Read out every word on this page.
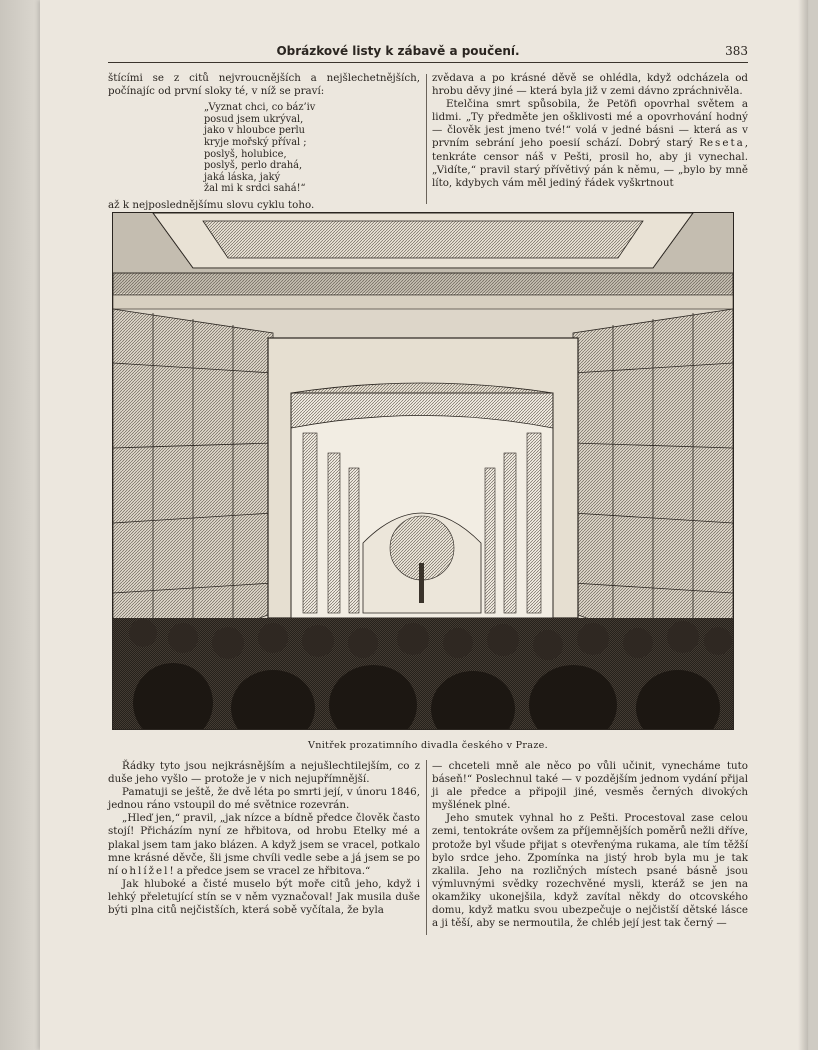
Obrázkové listy k zábavě a poučení.	383

štícími se z citů nejvroucnějších a nejšlechetnějších, počínajíc od první sloky té, v níž se praví:

„Vyznat chci, co báz’iv
posud jsem ukrýval,
jako v hloubce perlu
kryje mořský příval ;
poslyš, holubice,
poslyš, perlo drahá,
jaká láska, jaký
žal mi k srdci sahá!“

až k nejposlednějšímu slovu cyklu toho.

zvědava a po krásné děvě se ohlédla, když odcházela od hrobu děvy jiné — která byla již v zemi dávno zpráchnivěla.

Etelčina smrt spůsobila, že Petöfi opovrhal světem a lidmi. „Ty předměte jen ošklivosti mé a opovrhování hodný — člověk jest jmeno tvé!“ volá v jedné básni — která as v prvním sebrání jeho poesií schází. Dobrý starý Reseta, tenkráte censor náš v Pešti, prosil ho, aby ji vynechal. „Vidíte,“ pravil starý přívětivý pán k němu, — „bylo by mně líto, kdybych vám měl jediný řádek vyškrtnout

Vnitřek prozatimního divadla českého v Praze.

Řádky tyto jsou nejkrásnějším a nejušlechtilejším, co z duše jeho vyšlo — protože je v nich nejupřímnější.

Pamatuji se ještě, že dvě léta po smrti její, v únoru 1846, jednou ráno vstoupil do mé světnice rozevrán.

„Hleď jen,“ pravil, „jak nízce a bídně předce člověk často stojí! Přicházím nyní ze hřbitova, od hrobu Etelky mé a plakal jsem tam jako blázen. A když jsem se vracel, potkalo mne krásné děvče, šli jsme chvíli vedle sebe a já jsem se po ní ohlížel! a předce jsem se vracel ze hřbitova.“

Jak hluboké a čisté muselo být moře citů jeho, když i lehký přeletující stín se v něm vyznačoval! Jak musila duše býti plna citů nejčistších, která sobě vyčítala, že byla

— chceteli mně ale něco po vůli učinit, vynecháme tuto báseň!“ Poslechnul také — v pozdějším jednom vydání přijal ji ale předce a připojil jiné, vesměs černých divokých myšlének plné.

Jeho smutek vyhnal ho z Pešti. Procestoval zase celou zemi, tentokráte ovšem za příjemnějších poměrů nežli dříve, protože byl všude přijat s otevřenýma rukama, ale tím těžší bylo srdce jeho. Zpomínka na jistý hrob byla mu je tak zkalila. Jeho na rozličných místech psané básně jsou výmluvnými svědky rozechvěné mysli, kteráž se jen na okamžiky ukonejšila, když zavítal někdy do otcovského domu, když matku svou ubezpečuje o nejčistší dětské lásce a ji těší, aby se nermoutila, že chléb její jest tak černý —
